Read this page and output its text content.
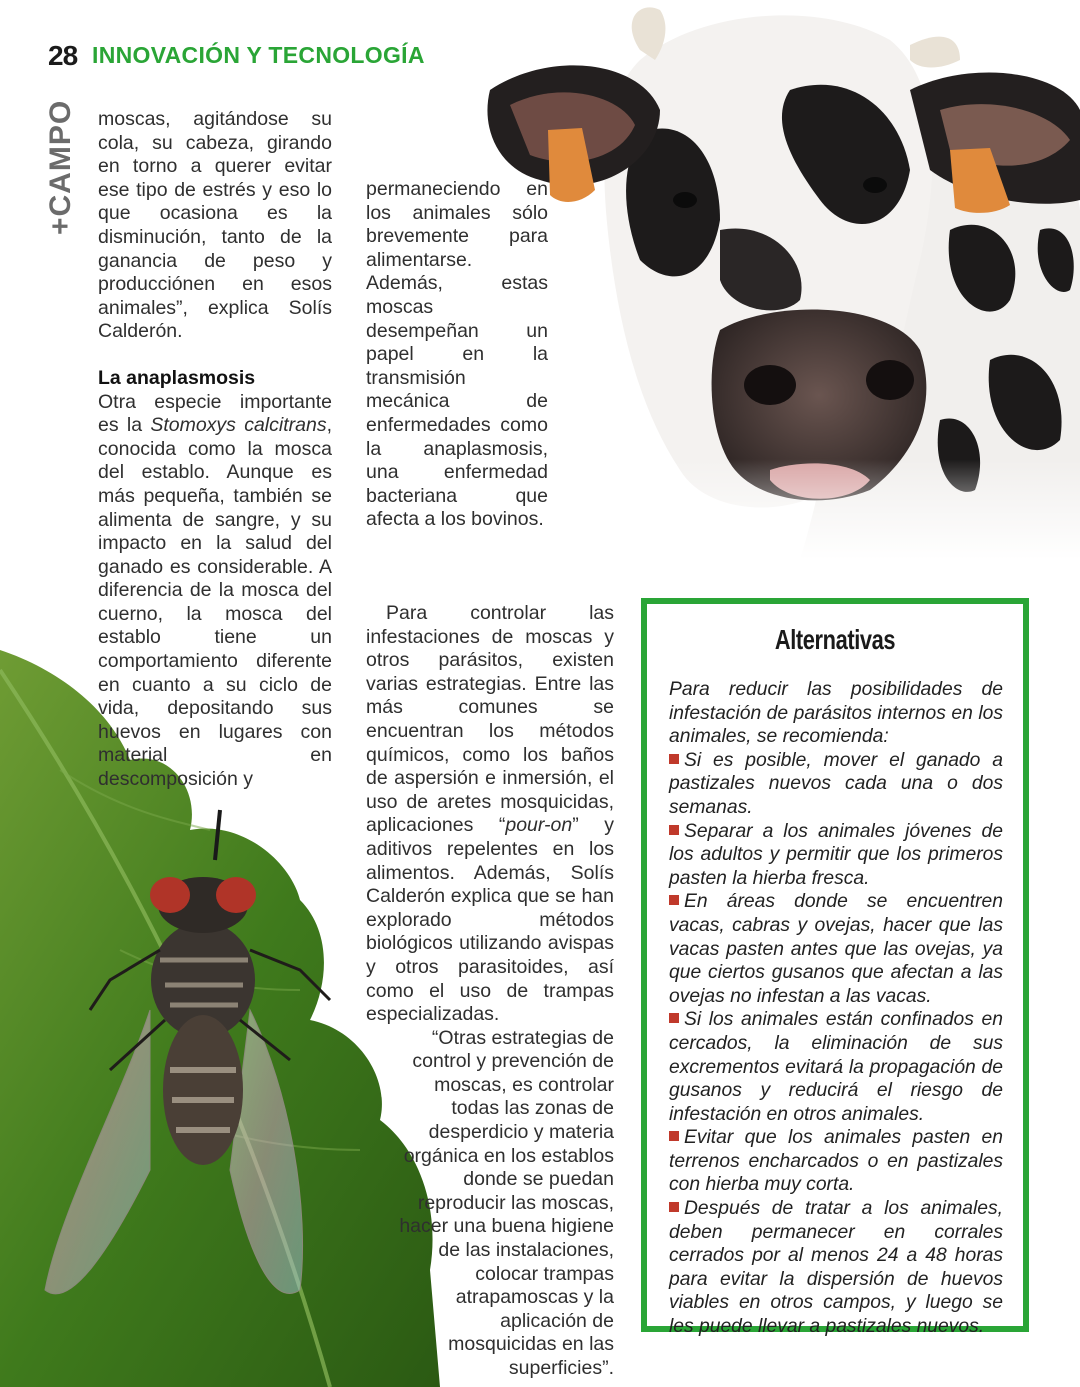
28 INNOVACIÓN Y TECNOLOGÍA
+CAMPO moscas, agitándose su cola, su cabeza, girando en torno a querer evitar ese tipo de estrés y eso lo que ocasiona es la disminución, tanto de la ganancia de peso y producciónen en esos animales”, explica Solís Calderón.

La anaplasmosis

Otra especie importante es la Stomoxys calcitrans, conocida como la mosca del establo. Aunque es más pequeña, también se alimenta de sangre, y su impacto en la salud del ganado es considerable. A diferencia de la mosca del cuerno, la mosca del establo tiene un comportamiento diferente en cuanto a su ciclo de vida, depositando sus huevos en lugares con material en descomposición y

permaneciendo en los animales sólo brevemente para alimentarse. Además, estas moscas desempeñan un papel en la transmisión mecánica de enfermedades como la anaplasmosis, una enfermedad bacteriana que afecta a los bovinos.

Para controlar las infestaciones de moscas y otros parásitos, existen varias estrategias. Entre las más comunes se encuentran los métodos químicos, como los baños de aspersión e inmersión, el uso de aretes mosquicidas, aplicaciones “pour-on” y aditivos repelentes en los alimentos. Además, Solís Calderón explica que se han explorado métodos biológicos utilizando avispas y otros parasitoides, así como el uso de trampas especializadas.

“Otras estrategias de control y prevención de moscas, es controlar todas las zonas de desperdicio y materia orgánica en los establos donde se puedan reproducir las moscas, hacer una buena higiene de las instalaciones, colocar trampas atrapamoscas y la aplicación de mosquicidas en las superficies”.

Alternativas

Para reducir las posibilidades de infestación de parásitos internos en los animales, se recomienda:

Si es posible, mover el ganado a pastizales nuevos cada una o dos semanas.

Separar a los animales jóvenes de los adultos y permitir que los primeros pasten la hierba fresca.

En áreas donde se encuentren vacas, cabras y ovejas, hacer que las vacas pasten antes que las ovejas, ya que ciertos gusanos que afectan a las ovejas no infestan a las vacas.

Si los animales están confinados en cercados, la eliminación de sus excrementos evitará la propagación de gusanos y reducirá el riesgo de infestación en otros animales.

Evitar que los animales pasten en terrenos encharcados o en pastizales con hierba muy corta.

Después de tratar a los animales, deben permanecer en corrales cerrados por al menos 24 a 48 horas para evitar la dispersión de huevos viables en otros campos, y luego se les puede llevar a pastizales nuevos.
